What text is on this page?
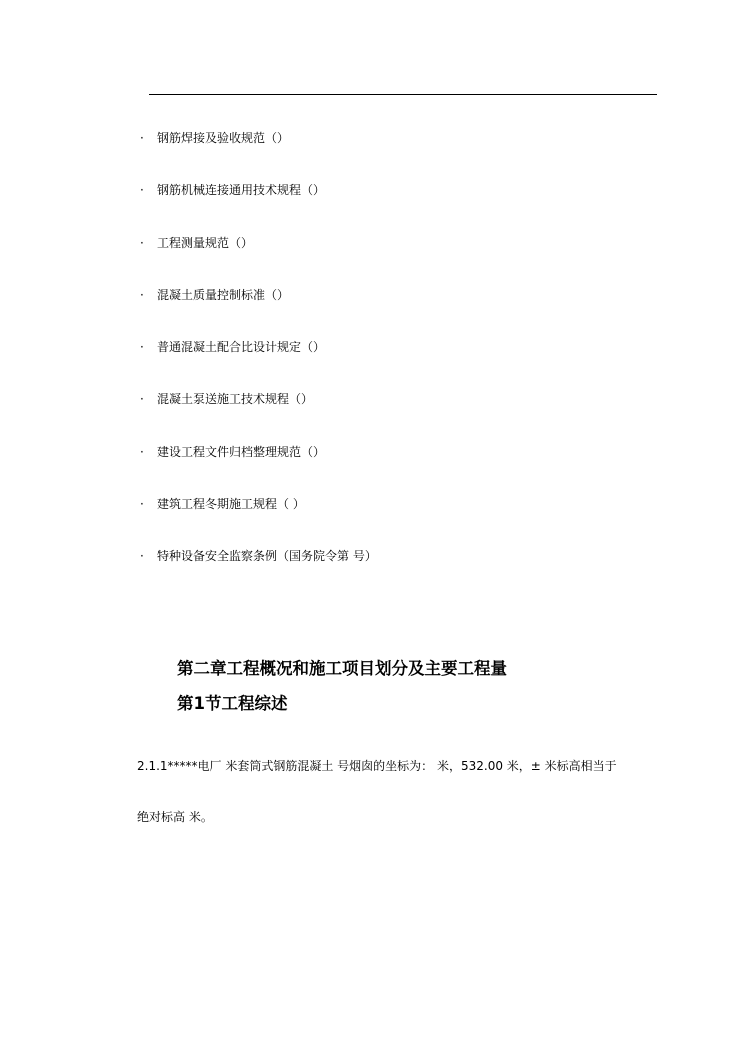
·	钢筋焊接及验收规范（）
·	钢筋机械连接通用技术规程（）
·	工程测量规范（）
·	混凝土质量控制标准（）
·	普通混凝土配合比设计规定（）
·	混凝土泵送施工技术规程（）
·	建设工程文件归档整理规范（）
·	建筑工程冬期施工规程（ ）
·	特种设备安全监察条例（国务院令第 号）
第二章工程概况和施工项目划分及主要工程量
第1节工程综述
2.1.1*****电厂 米套筒式钢筋混凝土 号烟囱的坐标为： 米，532.00 米，± 米标高相当于
绝对标高 米。
